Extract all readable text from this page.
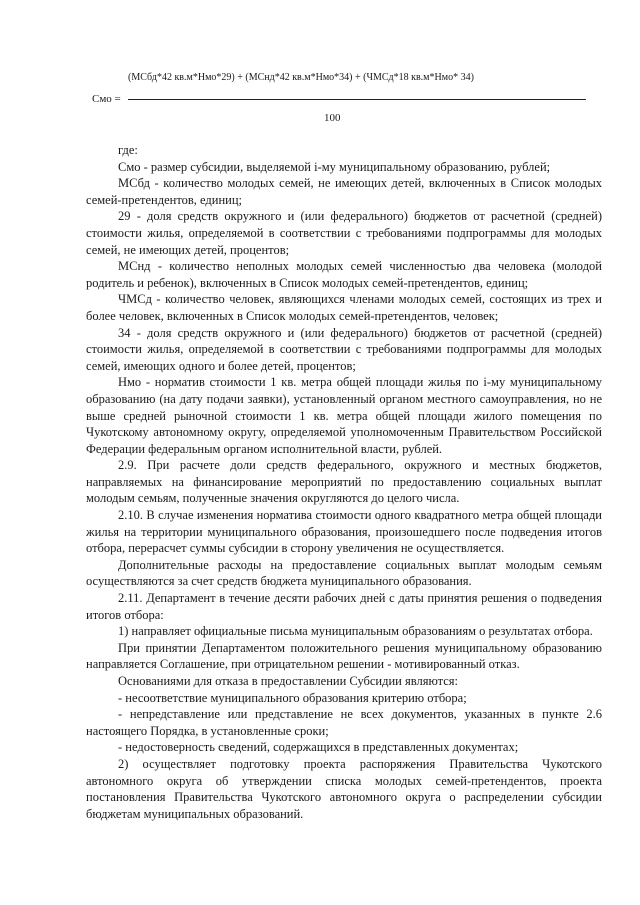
(МСбд*42 кв.м*Нмо*29) + (МСнд*42 кв.м*Нмо*34) + (ЧМСд*18 кв.м*Нмо* 34)
Смо =
100

где:

Смо - размер субсидии, выделяемой i-му муниципальному образованию, рублей;

МСбд - количество молодых семей, не имеющих детей, включенных в Список молодых семей-претендентов, единиц;

29 - доля средств окружного и (или федерального) бюджетов от расчетной (средней) стоимости жилья, определяемой в соответствии с требованиями подпрограммы для молодых семей, не имеющих детей, процентов;

МСнд - количество неполных молодых семей численностью два человека (молодой родитель и ребенок), включенных в Список молодых семей-претендентов, единиц;

ЧМСд - количество человек, являющихся членами молодых семей, состоящих из трех и более человек, включенных в Список молодых семей-претендентов, человек;

34 - доля средств окружного и (или федерального) бюджетов от расчетной (средней) стоимости жилья, определяемой в соответствии с требованиями подпрограммы для молодых семей, имеющих одного и более детей, процентов;

Нмо - норматив стоимости 1 кв. метра общей площади жилья по i-му муниципальному образованию (на дату подачи заявки), установленный органом местного самоуправления, но не выше средней рыночной стоимости 1 кв. метра общей площади жилого помещения по Чукотскому автономному округу, определяемой уполномоченным Правительством Российской Федерации федеральным органом исполнительной власти, рублей.

2.9. При расчете доли средств федерального, окружного и местных бюджетов, направляемых на финансирование мероприятий по предоставлению социальных выплат молодым семьям, полученные значения округляются до целого числа.

2.10. В случае изменения норматива стоимости одного квадратного метра общей площади жилья на территории муниципального образования, произошедшего после подведения итогов отбора, перерасчет суммы субсидии в сторону увеличения не осуществляется.

Дополнительные расходы на предоставление социальных выплат молодым семьям осуществляются за счет средств бюджета муниципального образования.

2.11. Департамент в течение десяти рабочих дней с даты принятия решения о подведения итогов отбора:

1) направляет официальные письма муниципальным образованиям о результатах отбора.

При принятии Департаментом положительного решения муниципальному образованию направляется Соглашение, при отрицательном решении - мотивированный отказ.

Основаниями для отказа в предоставлении Субсидии являются:

- несоответствие муниципального образования критерию отбора;

- непредставление или представление не всех документов, указанных в пункте 2.6 настоящего Порядка, в установленные сроки;

- недостоверность сведений, содержащихся в представленных документах;

2) осуществляет подготовку проекта распоряжения Правительства Чукотского автономного округа об утверждении списка молодых семей-претендентов, проекта постановления Правительства Чукотского автономного округа о распределении субсидии бюджетам муниципальных образований.
